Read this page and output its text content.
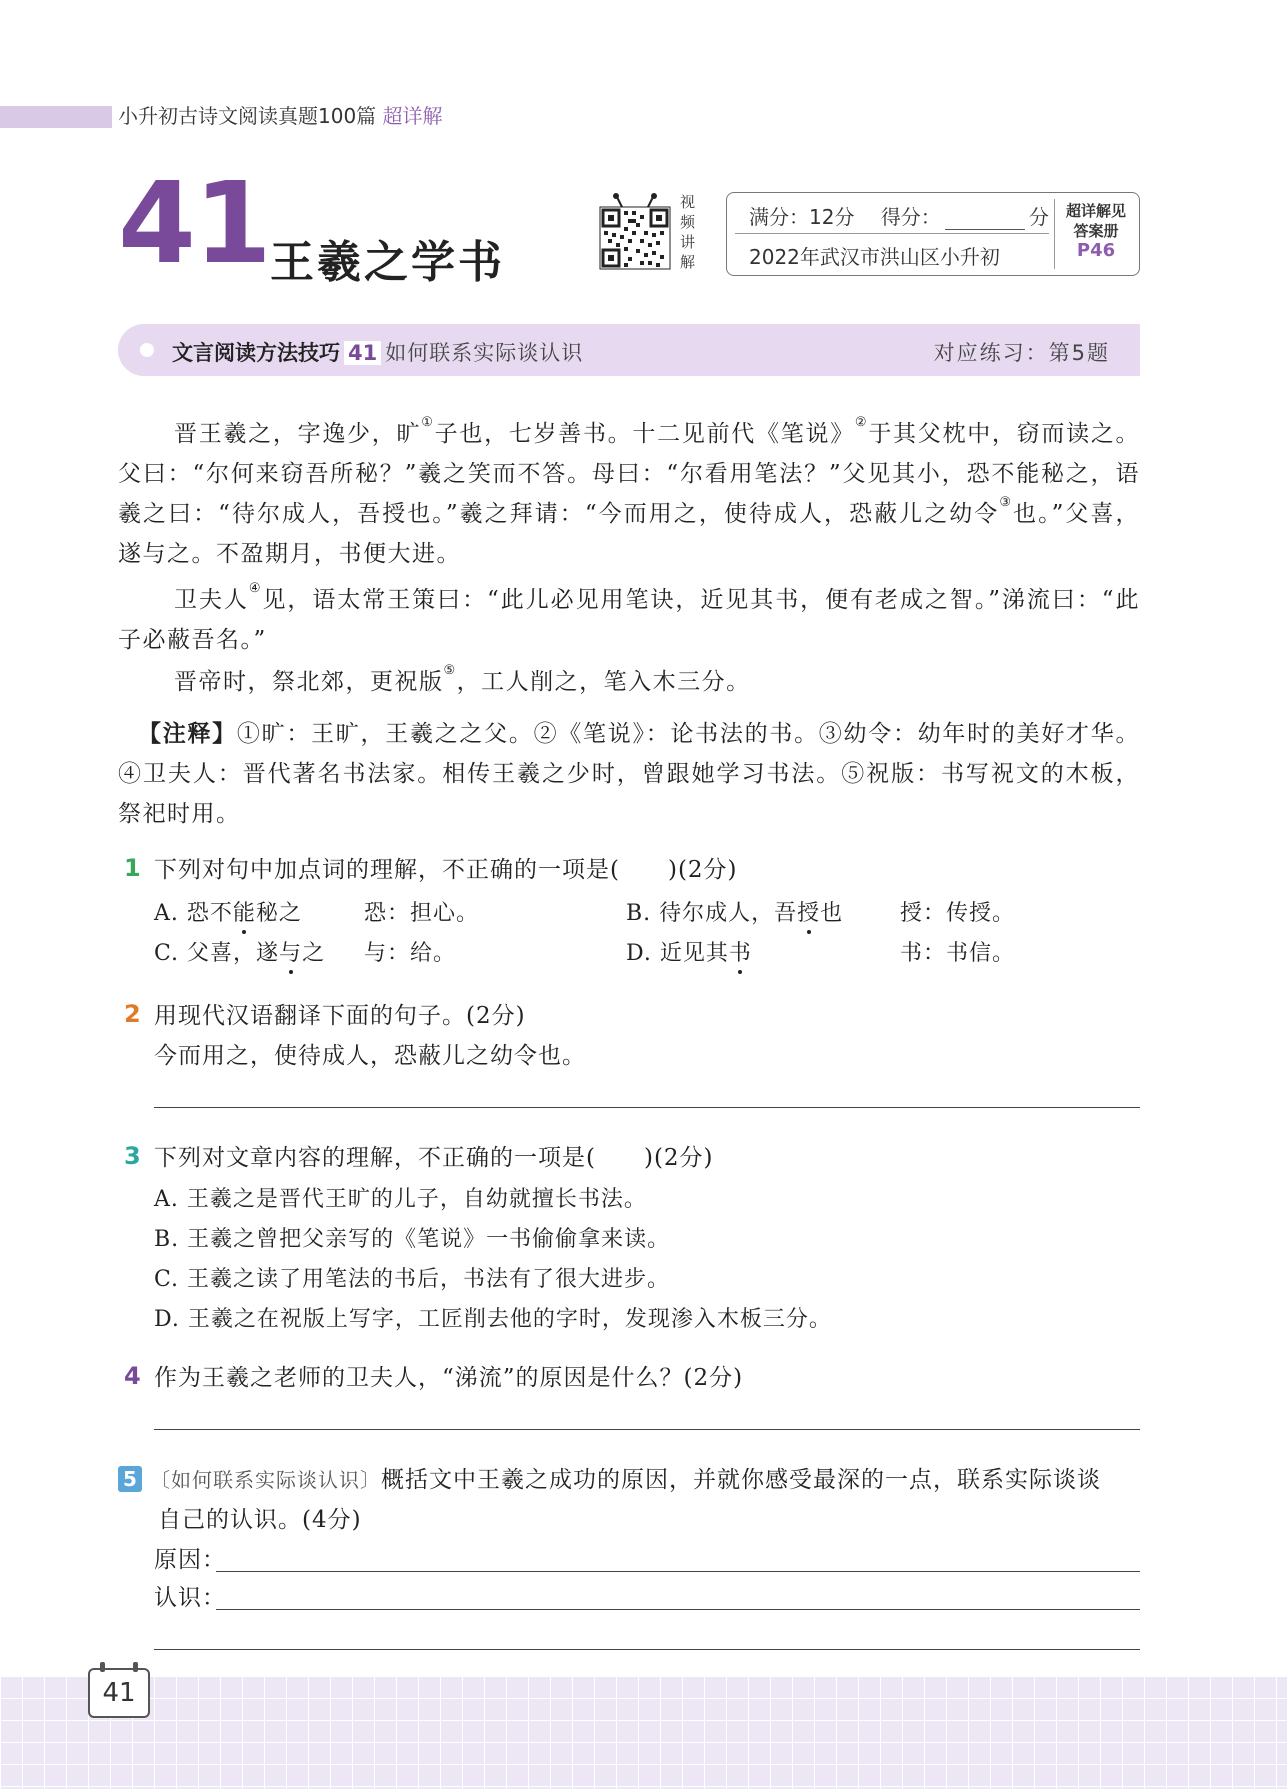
小升初古诗文阅读真题100篇 超详解
41 王羲之学书
视
频
讲
解
满分：12分 得分：	分
2022年武汉市洪山区小升初
超详解见
答案册
P46
文言阅读方法技巧 41 如何联系实际谈认识	对应练习：第5题
晋王羲之，字逸少，旷①子也，七岁善书。十二见前代《笔说》②于其父枕中，窃而读之。父曰：“尔何来窃吾所秘？”羲之笑而不答。母曰：“尔看用笔法？”父见其小，恐不能秘之，语羲之曰：“待尔成人，吾授也。”羲之拜请：“今而用之，使待成人，恐蔽儿之幼令③也。”父喜，遂与之。不盈期月，书便大进。
卫夫人④见，语太常王策曰：“此儿必见用笔诀，近见其书，便有老成之智。”涕流曰：“此子必蔽吾名。”
晋帝时，祭北郊，更祝版⑤，工人削之，笔入木三分。
【注释】①旷：王旷，王羲之之父。②《笔说》：论书法的书。③幼令：幼年时的美好才华。④卫夫人：晋代著名书法家。相传王羲之少时，曾跟她学习书法。⑤祝版：书写祝文的木板，祭祀时用。
1 下列对句中加点词的理解，不正确的一项是(　　)(2分)
A. 恐不能秘之	恐：担心。	B. 待尔成人，吾授也	授：传授。
C. 父喜，遂与之 与：给。	D. 近见其书	书：书信。
2 用现代汉语翻译下面的句子。(2分)
今而用之，使待成人，恐蔽儿之幼令也。
3 下列对文章内容的理解，不正确的一项是(　　)(2分)
A. 王羲之是晋代王旷的儿子，自幼就擅长书法。
B. 王羲之曾把父亲写的《笔说》一书偷偷拿来读。
C. 王羲之读了用笔法的书后，书法有了很大进步。
D. 王羲之在祝版上写字，工匠削去他的字时，发现渗入木板三分。
4 作为王羲之老师的卫夫人，“涕流”的原因是什么？(2分)
5 〔如何联系实际谈认识〕概括文中王羲之成功的原因，并就你感受最深的一点，联系实际谈谈
自己的认识。(4分)
原因：
认识：
41
